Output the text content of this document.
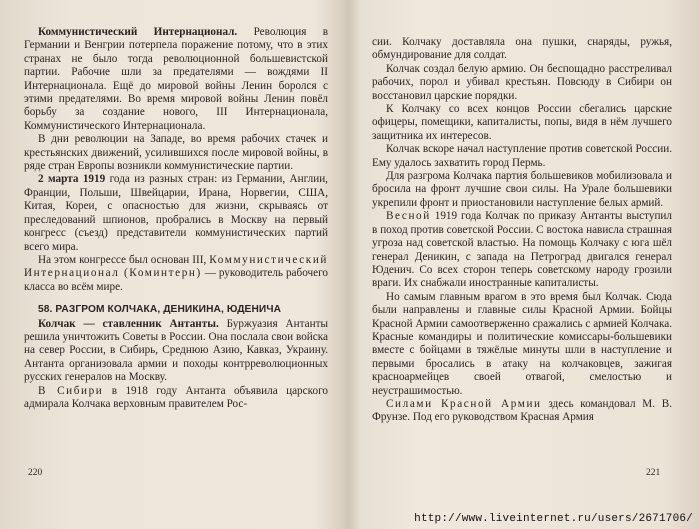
Коммунистический Интернационал. Революция в Германии и Венгрии потерпела поражение потому, что в этих странах не было тогда революционной большевистской партии. Рабочие шли за предателями — вождями II Интернационала. Ещё до мировой войны Ленин боролся с этими предателями. Во время мировой войны Ленин повёл борьбу за создание нового, III Интернационала, Коммунистического Интернационала.

В дни революции на Западе, во время рабочих стачек и крестьянских движений, усилившихся после мировой войны, в ряде стран Европы возникли коммунистические партии.

2 марта 1919 года из разных стран: из Германии, Англии, Франции, Польши, Швейцарии, Ирана, Норвегии, США, Китая, Кореи, с опасностью для жизни, скрываясь от преследований шпионов, пробрались в Москву на первый конгресс (съезд) представители коммунистических партий всего мира.

На этом конгрессе был основан III, Коммунистический Интернационал (Коминтерн) — руководитель рабочего класса во всём мире.

58. РАЗГРОМ КОЛЧАКА, ДЕНИКИНА, ЮДЕНИЧА

Колчак — ставленник Антанты. Буржуазия Антанты решила уничтожить Советы в России. Она послала свои войска на север России, в Сибирь, Среднюю Азию, Кавказ, Украину. Антанта организовала армии и походы контрреволюционных русских генералов на Москву.

В Сибири в 1918 году Антанта объявила царского адмирала Колчака верховным правителем Рос-

220

сии. Колчаку доставляла она пушки, снаряды, ружья, обмундирование для солдат.

Колчак создал белую армию. Он беспощадно расстреливал рабочих, порол и убивал крестьян. Повсюду в Сибири он восстановил царские порядки.

К Колчаку со всех концов России сбегались царские офицеры, помещики, капиталисты, попы, видя в нём лучшего защитника их интересов.

Колчак вскоре начал наступление против советской России. Ему удалось захватить город Пермь.

Для разгрома Колчака партия большевиков мобилизовала и бросила на фронт лучшие свои силы. На Урале большевики укрепили фронт и приостановили наступление белых армий.

Весной 1919 года Колчак по приказу Антанты выступил в поход против советской России. С востока нависла страшная угроза над советской властью. На помощь Колчаку с юга шёл генерал Деникин, с запада на Петроград двигался генерал Юденич. Со всех сторон теперь советскому народу грозили враги. Их снабжали иностранные капиталисты.

Но самым главным врагом в это время был Колчак. Сюда были направлены и главные силы Красной Армии. Бойцы Красной Армии самоотверженно сражались с армией Колчака. Красные командиры и политические комиссары-большевики вместе с бойцами в тяжёлые минуты шли в наступление и первыми бросались в атаку на колчаковцев, зажигая красноармейцев своей отвагой, смелостью и неустрашимостью.

Силами Красной Армии здесь командовал М. В. Фрунзе. Под его руководством Красная Армия

221
http://www.liveinternet.ru/users/2671706/
